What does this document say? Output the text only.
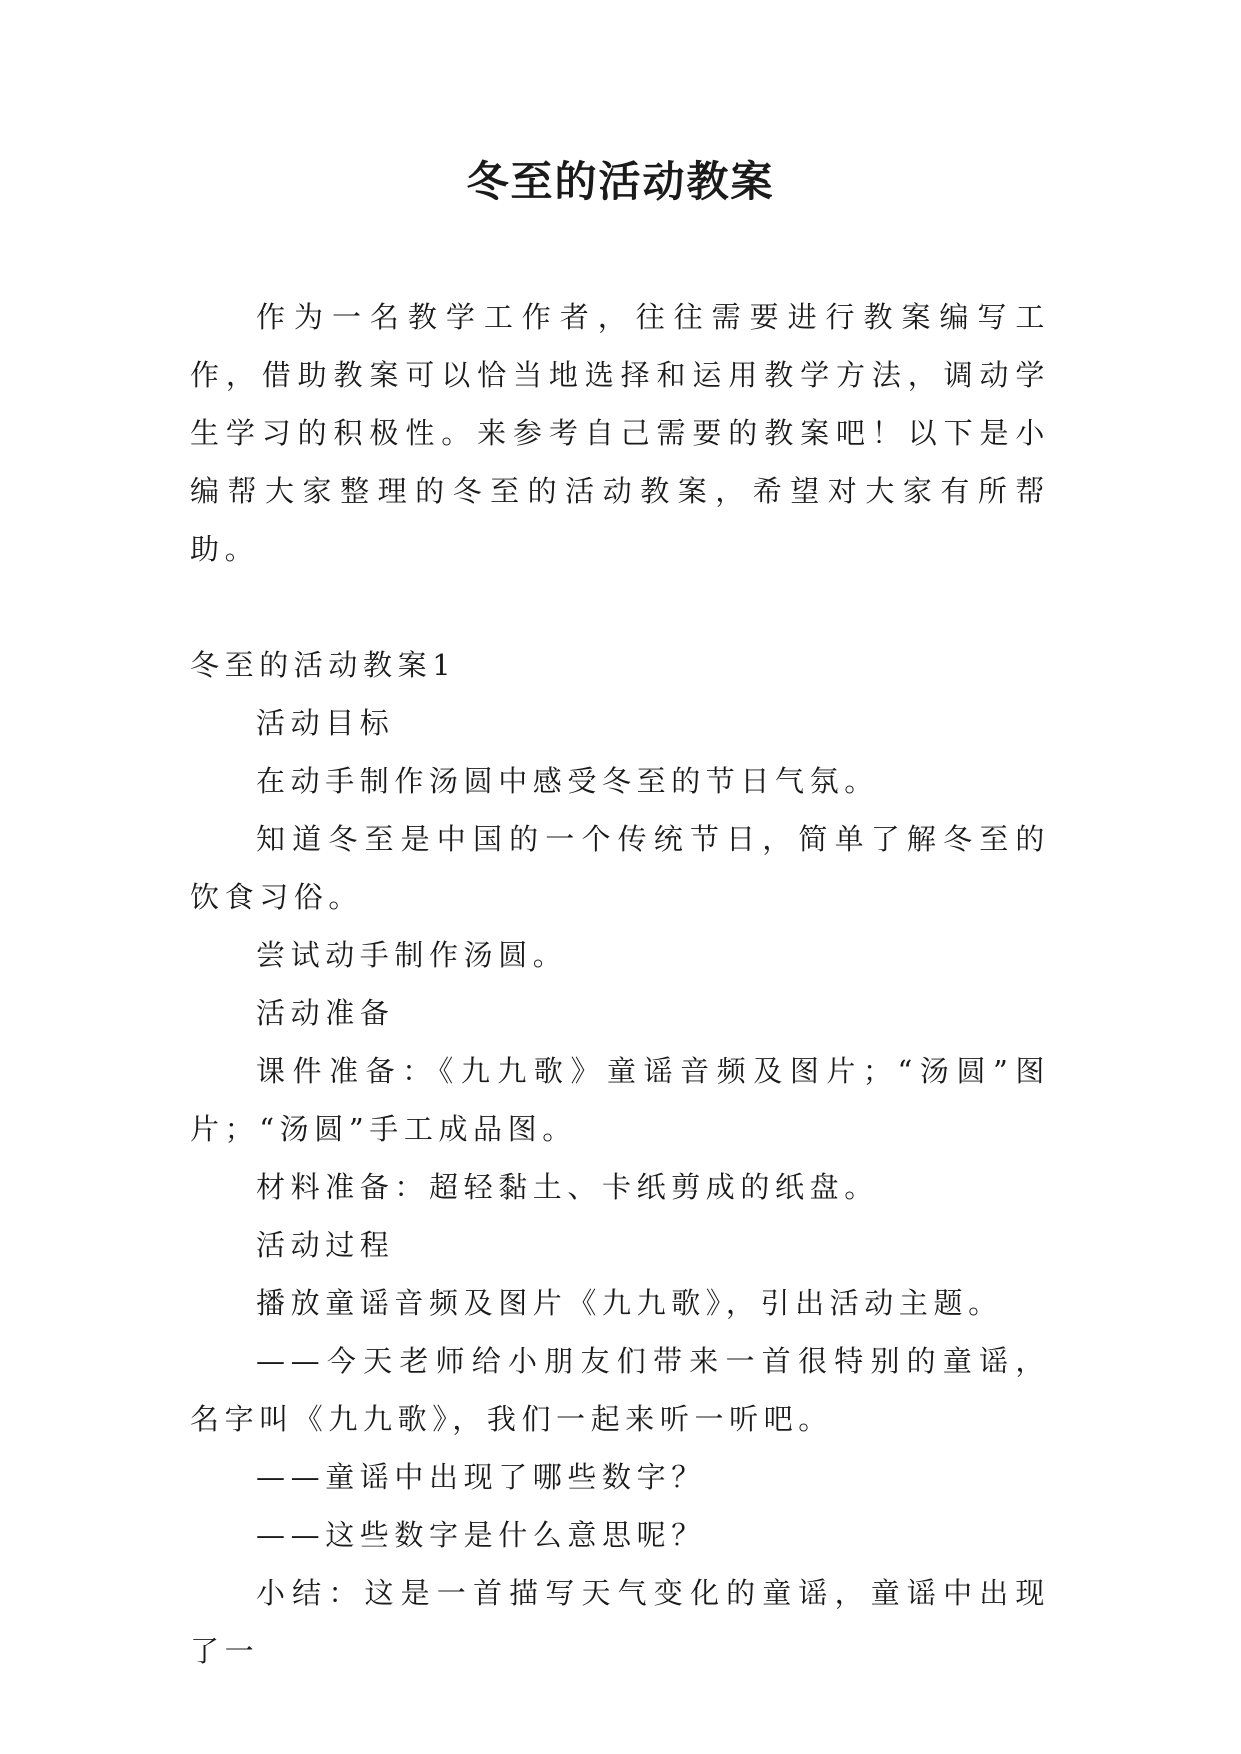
冬至的活动教案

作为一名教学工作者，往往需要进行教案编写工作，借助教案可以恰当地选择和运用教学方法，调动学生学习的积极性。来参考自己需要的教案吧！以下是小编帮大家整理的冬至的活动教案，希望对大家有所帮助。

冬至的活动教案1

活动目标

在动手制作汤圆中感受冬至的节日气氛。

知道冬至是中国的一个传统节日，简单了解冬至的饮食习俗。

尝试动手制作汤圆。

活动准备

课件准备：《九九歌》童谣音频及图片；“汤圆”图片；“汤圆”手工成品图。

材料准备：超轻黏土、卡纸剪成的纸盘。

活动过程

播放童谣音频及图片《九九歌》，引出活动主题。

——今天老师给小朋友们带来一首很特别的童谣，名字叫《九九歌》，我们一起来听一听吧。

——童谣中出现了哪些数字？

——这些数字是什么意思呢？

小结：这是一首描写天气变化的童谣，童谣中出现了一
